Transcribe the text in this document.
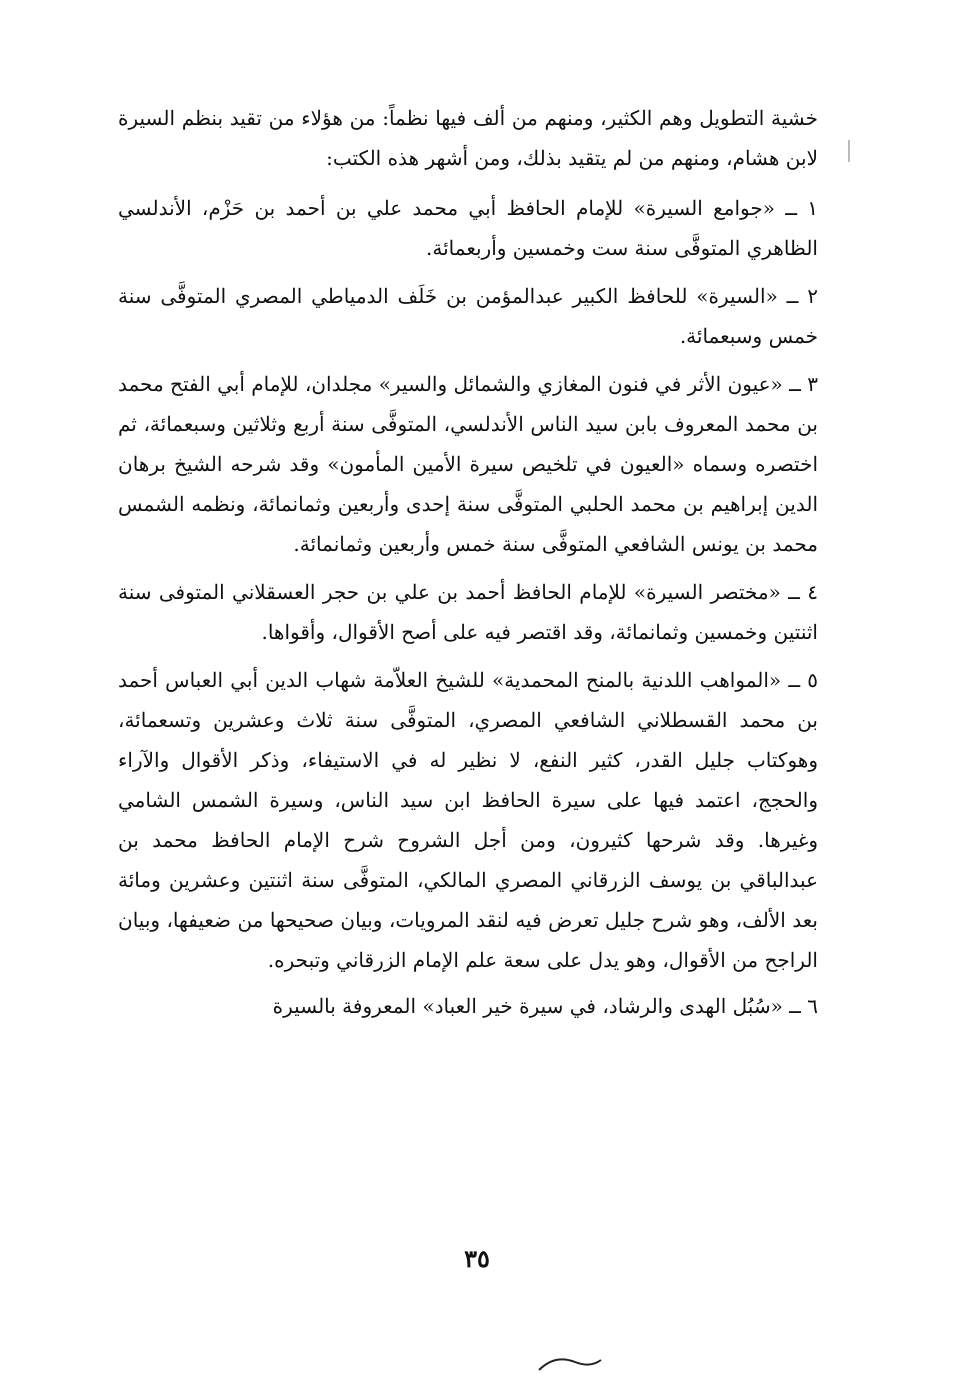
خشية التطويل وهم الكثير، ومنهم من ألف فيها نظماً: من هؤلاء من تقيد بنظم السيرة لابن هشام، ومنهم من لم يتقيد بذلك، ومن أشهر هذه الكتب:

١ ــ «جوامع السيرة» للإمام الحافظ أبي محمد علي بن أحمد بن حَزْم، الأندلسي الظاهري المتوفَّى سنة ست وخمسين وأربعمائة.

٢ ــ «السيرة» للحافظ الكبير عبدالمؤمن بن خَلَف الدمياطي المصري المتوفَّى سنة خمس وسبعمائة.

٣ ــ «عيون الأثر في فنون المغازي والشمائل والسير» مجلدان، للإمام أبي الفتح محمد بن محمد المعروف بابن سيد الناس الأندلسي، المتوفَّى سنة أربع وثلاثين وسبعمائة، ثم اختصره وسماه «العيون في تلخيص سيرة الأمين المأمون» وقد شرحه الشيخ برهان الدين إبراهيم بن محمد الحلبي المتوفَّى سنة إحدى وأربعين وثمانمائة، ونظمه الشمس محمد بن يونس الشافعي المتوفَّى سنة خمس وأربعين وثمانمائة.

٤ ــ «مختصر السيرة» للإمام الحافظ أحمد بن علي بن حجر العسقلاني المتوفى سنة اثنتين وخمسين وثمانمائة، وقد اقتصر فيه على أصح الأقوال، وأقواها.

٥ ــ «المواهب اللدنية بالمنح المحمدية» للشيخ العلاّمة شهاب الدين أبي العباس أحمد بن محمد القسطلاني الشافعي المصري، المتوفَّى سنة ثلاث وعشرين وتسعمائة، وهوكتاب جليل القدر، كثير النفع، لا نظير له في الاستيفاء، وذكر الأقوال والآراء والحجج، اعتمد فيها على سيرة الحافظ ابن سيد الناس، وسيرة الشمس الشامي وغيرها. وقد شرحها كثيرون، ومن أجل الشروح شرح الإمام الحافظ محمد بن عبدالباقي بن يوسف الزرقاني المصري المالكي، المتوفَّى سنة اثنتين وعشرين ومائة بعد الألف، وهو شرح جليل تعرض فيه لنقد المرويات، وبيان صحيحها من ضعيفها، وبيان الراجح من الأقوال، وهو يدل على سعة علم الإمام الزرقاني وتبحره.

٦ ــ «سُبُل الهدى والرشاد، في سيرة خير العباد» المعروفة بالسيرة

٣٥
